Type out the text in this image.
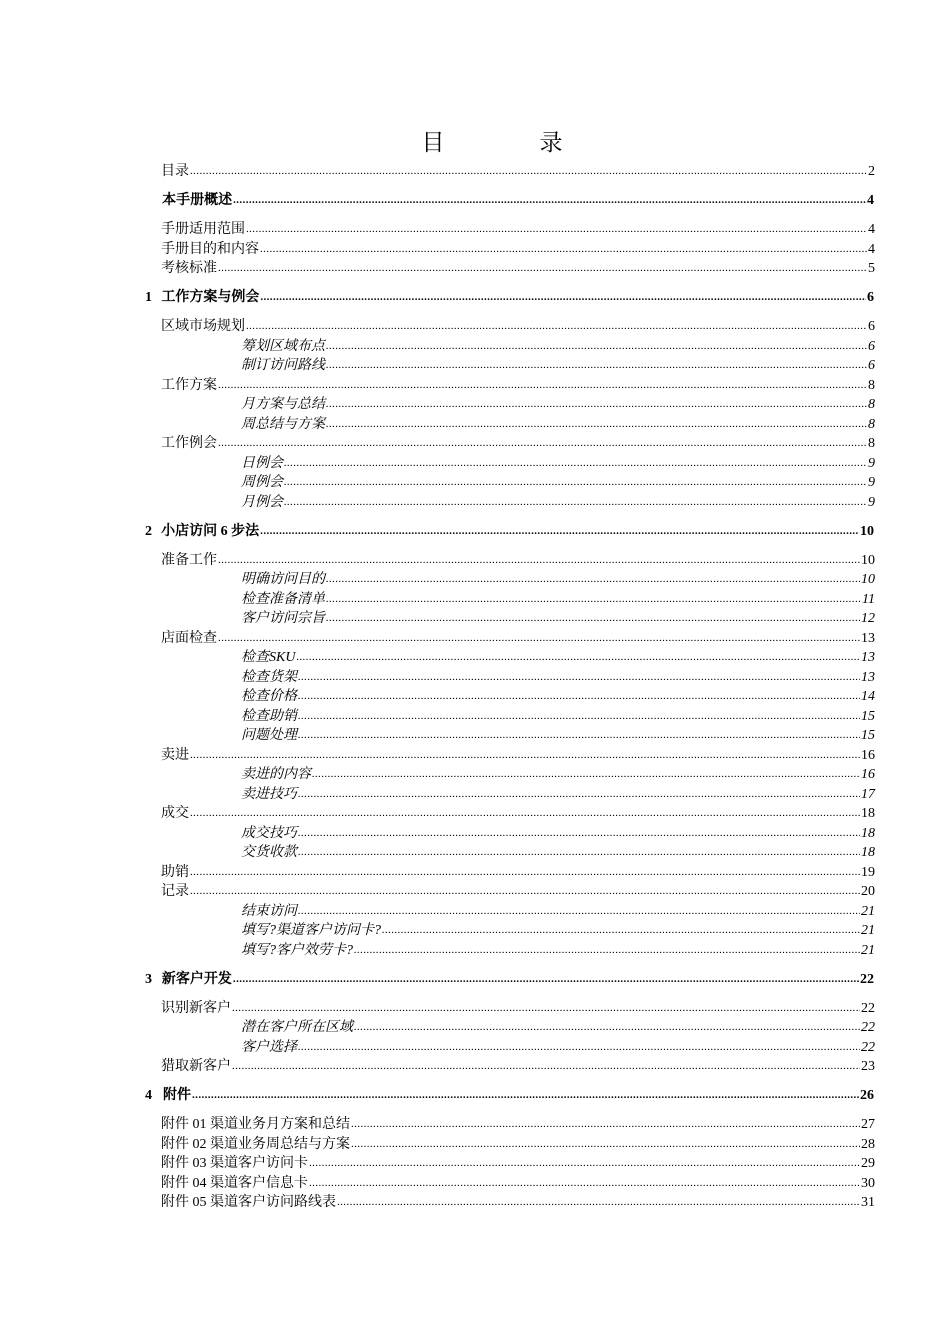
目　录
目录 .....	2
本手册概述 .....	4
手册适用范围 .....	4
手册目的和内容 .....	4
考核标准 .....	5
1 工作方案与例会 .....	6
区域市场规划 .....	6
筹划区域布点 .....	6
制订访问路线 .....	6
工作方案 .....	8
月方案与总结 .....	8
周总结与方案 .....	8
工作例会 .....	8
日例会 .....	9
周例会 .....	9
月例会 .....	9
2 小店访问 6 步法 .....	10
准备工作 .....	10
明确访问目的 .....	10
检查准备清单 .....	11
客户访问宗旨 .....	12
店面检查 .....	13
检查SKU .....	13
检查货架 .....	13
检查价格 .....	14
检查助销 .....	15
问题处理 .....	15
卖进 .....	16
卖进的内容 .....	16
卖进技巧 .....	17
成交 .....	18
成交技巧 .....	18
交货收款 .....	18
助销 .....	19
记录 .....	20
结束访问 .....	21
填写?渠道客户访问卡? .....	21
填写?客户效劳卡? .....	21
3 新客户开发 .....	22
识别新客户 .....	22
潜在客户所在区域 .....	22
客户选择 .....	22
猎取新客户 .....	23
4 附件 .....	26
附件 01 渠道业务月方案和总结 .....	27
附件 02 渠道业务周总结与方案 .....	28
附件 03 渠道客户访问卡 .....	29
附件 04 渠道客户信息卡 .....	30
附件 05 渠道客户访问路线表 .....	31
